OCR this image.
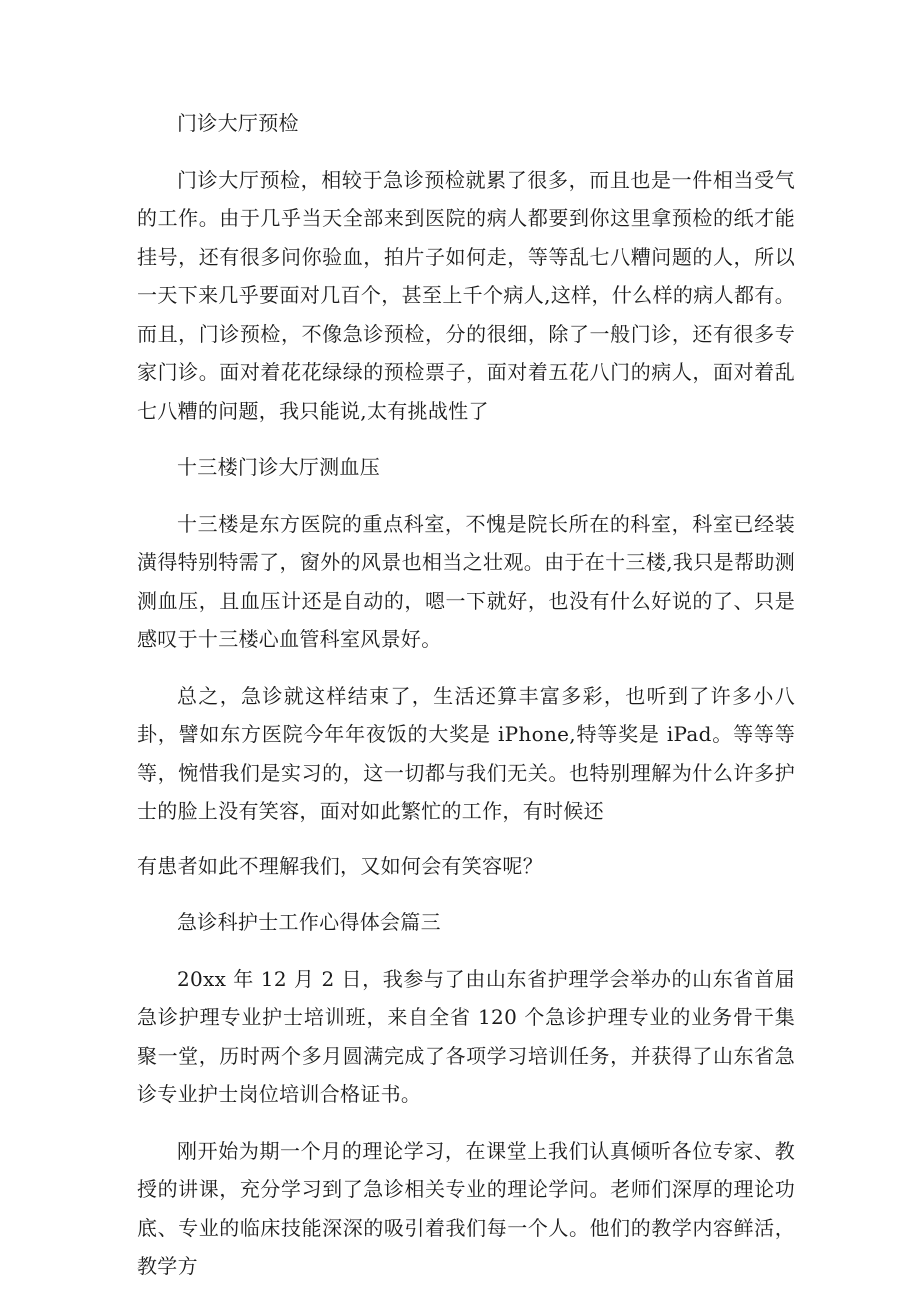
门诊大厅预检

门诊大厅预检，相较于急诊预检就累了很多，而且也是一件相当受气的工作。由于几乎当天全部来到医院的病人都要到你这里拿预检的纸才能挂号，还有很多问你验血，拍片子如何走，等等乱七八糟问题的人，所以一天下来几乎要面对几百个，甚至上千个病人,这样，什么样的病人都有。而且，门诊预检，不像急诊预检，分的很细，除了一般门诊，还有很多专家门诊。面对着花花绿绿的预检票子，面对着五花八门的病人，面对着乱七八糟的问题，我只能说,太有挑战性了

十三楼门诊大厅测血压

十三楼是东方医院的重点科室，不愧是院长所在的科室，科室已经装潢得特别特需了，窗外的风景也相当之壮观。由于在十三楼,我只是帮助测测血压，且血压计还是自动的，嗯一下就好，也没有什么好说的了、只是感叹于十三楼心血管科室风景好。

总之，急诊就这样结束了，生活还算丰富多彩，也听到了许多小八卦，譬如东方医院今年年夜饭的大奖是 iPhone,特等奖是 iPad。等等等等，惋惜我们是实习的，这一切都与我们无关。也特别理解为什么许多护士的脸上没有笑容，面对如此繁忙的工作，有时候还

有患者如此不理解我们，又如何会有笑容呢？

急诊科护士工作心得体会篇三

20xx 年 12 月 2 日，我参与了由山东省护理学会举办的山东省首届急诊护理专业护士培训班，来自全省 120 个急诊护理专业的业务骨干集聚一堂，历时两个多月圆满完成了各项学习培训任务，并获得了山东省急诊专业护士岗位培训合格证书。

刚开始为期一个月的理论学习，在课堂上我们认真倾听各位专家、教授的讲课，充分学习到了急诊相关专业的理论学问。老师们深厚的理论功底、专业的临床技能深深的吸引着我们每一个人。他们的教学内容鲜活，教学方
